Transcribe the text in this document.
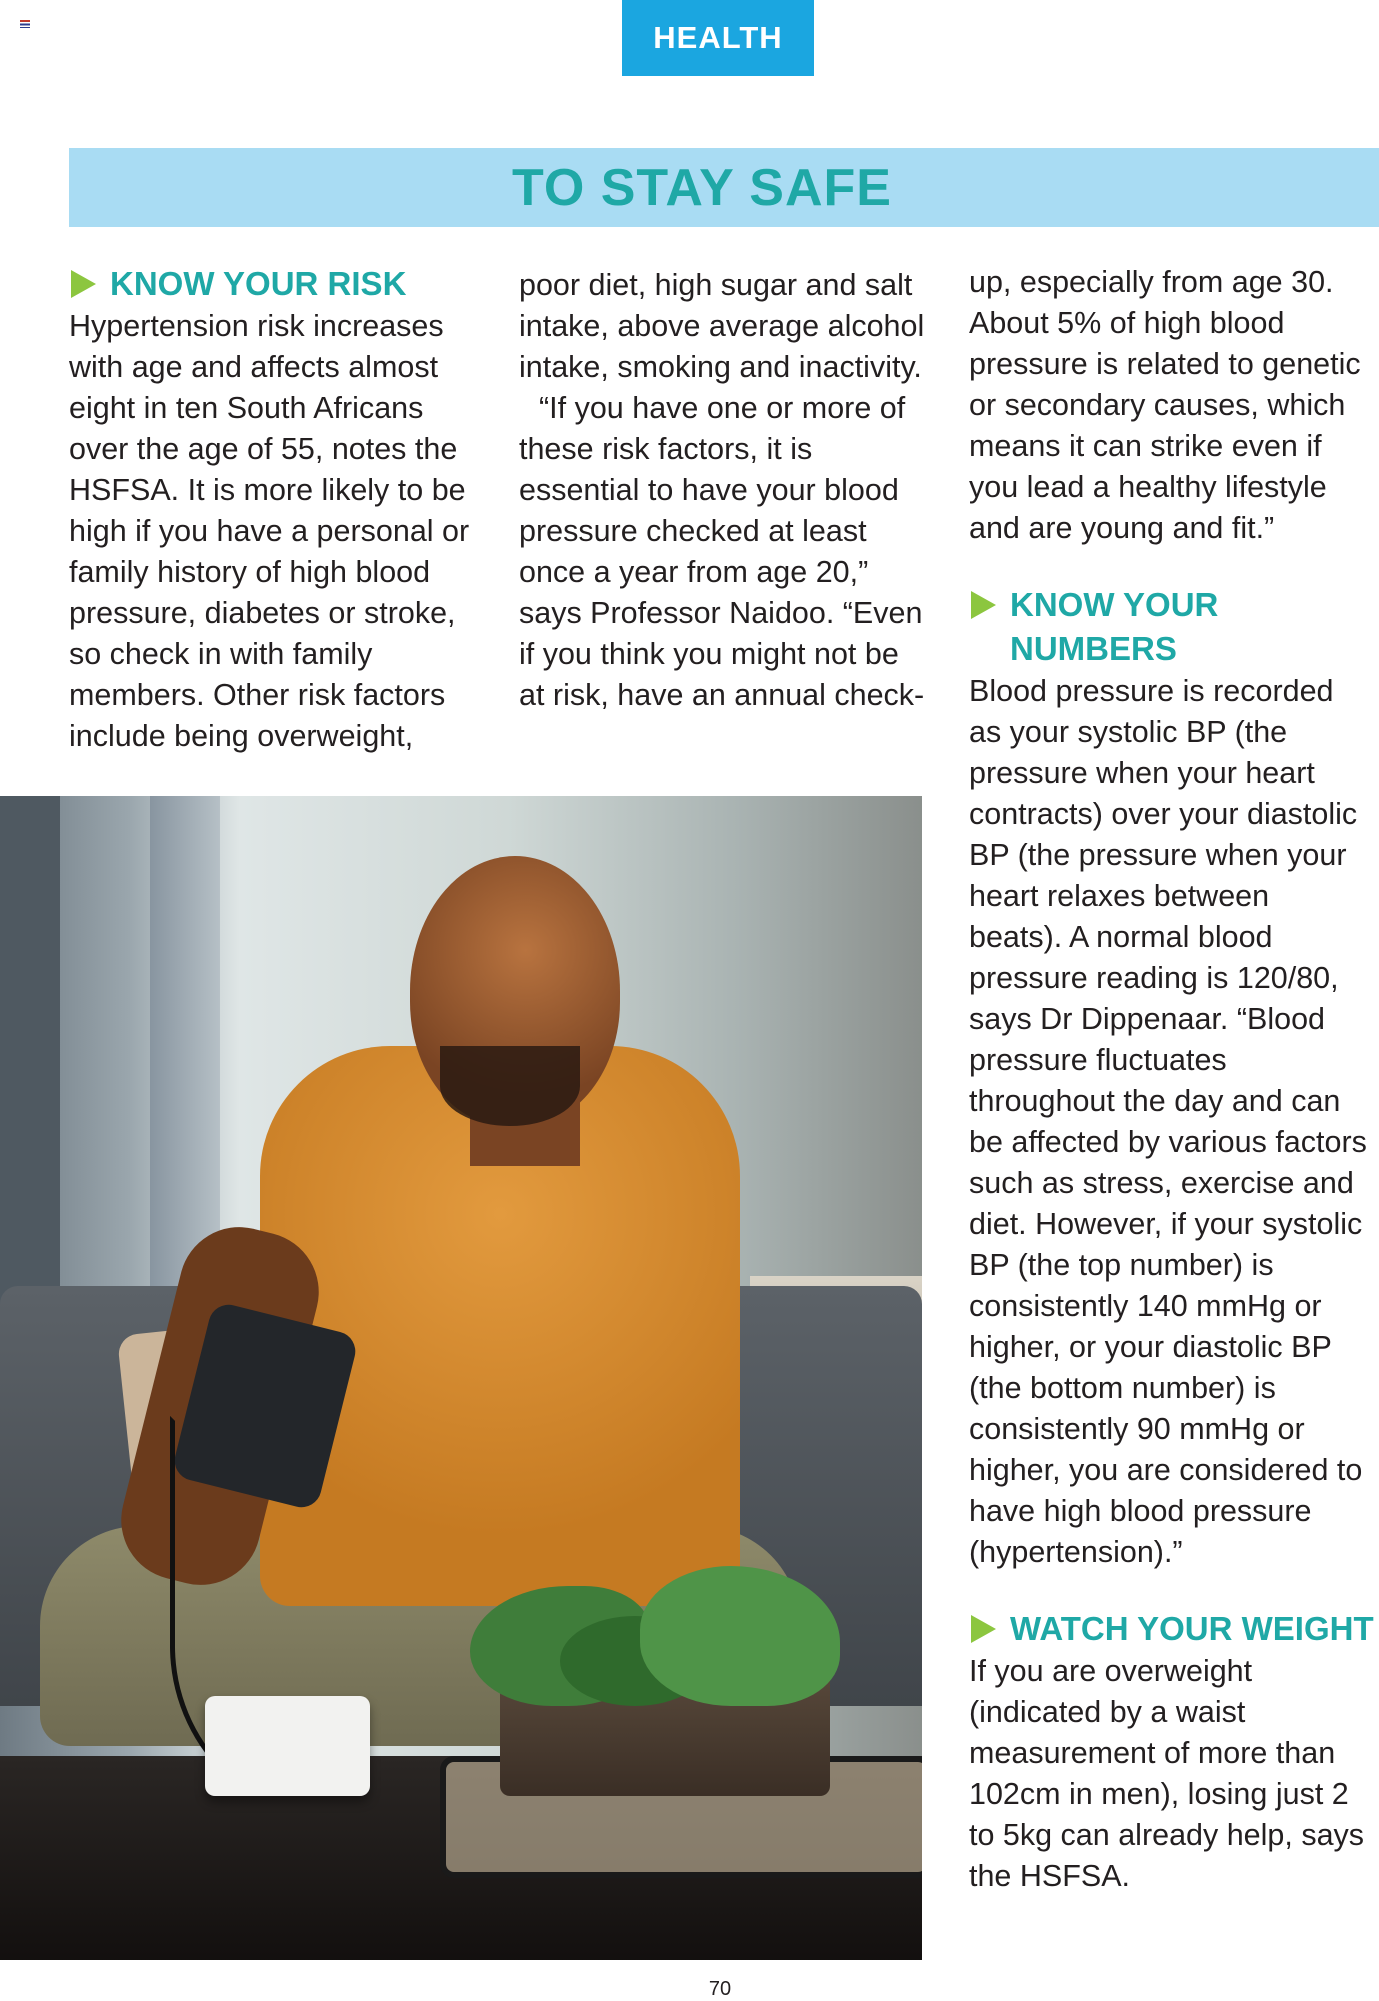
HEALTH
TO STAY SAFE
KNOW YOUR RISK

Hypertension risk increases with age and affects almost eight in ten South Africans over the age of 55, notes the HSFSA. It is more likely to be high if you have a personal or family history of high blood pressure, diabetes or stroke, so check in with family members. Other risk factors include being overweight,

poor diet, high sugar and salt intake, above average alcohol intake, smoking and inactivity.

“If you have one or more of these risk factors, it is essential to have your blood pressure checked at least once a year from age 20,” says Professor Naidoo. “Even if you think you might not be at risk, have an annual check-

up, especially from age 30. About 5% of high blood pressure is related to genetic or secondary causes, which means it can strike even if you lead a healthy lifestyle and are young and fit.”

KNOW YOUR NUMBERS

Blood pressure is recorded as your systolic BP (the pressure when your heart contracts) over your diastolic BP (the pressure when your heart relaxes between beats). A normal blood pressure reading is 120/80, says Dr Dippenaar. “Blood pressure fluctuates throughout the day and can be affected by various factors such as stress, exercise and diet. However, if your systolic BP (the top number) is consistently 140 mmHg or higher, or your diastolic BP (the bottom number) is consistently 90 mmHg or higher, you are considered to have high blood pressure (hypertension).”

WATCH YOUR WEIGHT

If you are overweight (indicated by a waist measurement of more than 102cm in men), losing just 2 to 5kg can already help, says the HSFSA.

70
